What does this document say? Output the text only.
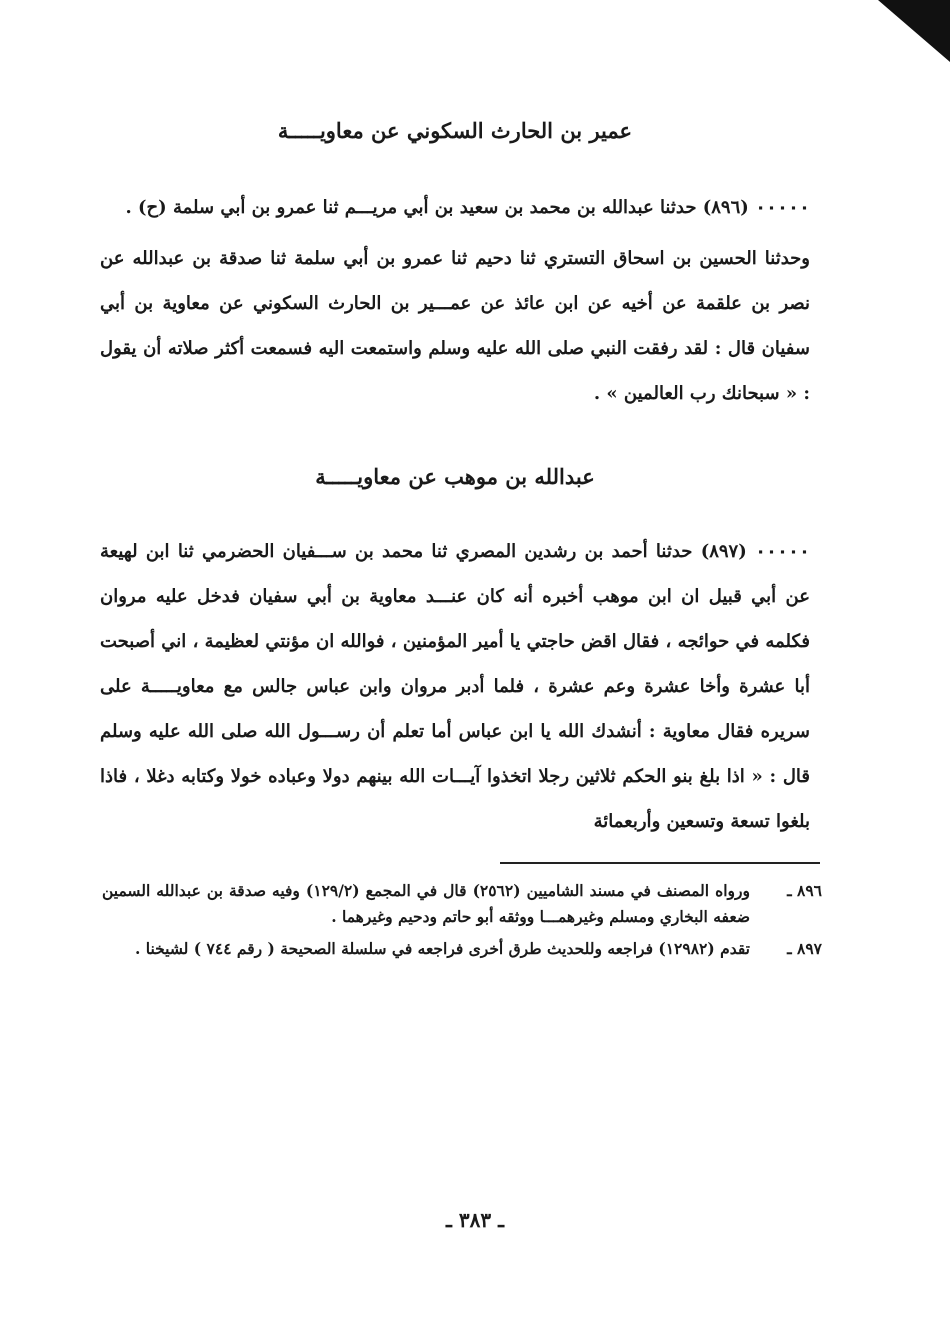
عمير بن الحارث السكوني عن معاويـــــة

٠٠٠٠٠ (٨٩٦) حدثنا عبدالله بن محمد بن سعيد بن أبي مريـــم ثنا عمرو بن أبي سلمة (ح) .

وحدثنا الحسين بن اسحاق التستري ثنا دحيم ثنا عمرو بن أبي سلمة ثنا صدقة بن عبدالله عن نصر بن علقمة عن أخيه عن ابن عائذ عن عمـــير بن الحارث السكوني عن معاوية بن أبي سفيان قال : لقد رفقت النبي صلى الله عليه وسلم واستمعت اليه فسمعت أكثر صلاته أن يقول : « سبحانك رب العالمين » .

عبدالله بن موهب عن معاويـــــة

٠٠٠٠٠ (٨٩٧) حدثنا أحمد بن رشدين المصري ثنا محمد بن ســـفيان الحضرمي ثنا ابن لهيعة عن أبي قبيل ان ابن موهب أخبره أنه كان عنـــد معاوية بن أبي سفيان فدخل عليه مروان فكلمه في حوائجه ، فقال اقض حاجتي يا أمير المؤمنين ، فوالله ان مؤنتي لعظيمة ، اني أصبحت أبا عشرة وأخا عشرة وعم عشرة ، فلما أدبر مروان وابن عباس جالس مع معاويـــــة على سريره فقال معاوية : أنشدك الله يا ابن عباس أما تعلم أن رســـول الله صلى الله عليه وسلم قال : « اذا بلغ بنو الحكم ثلاثين رجلا اتخذوا آيـــات الله بينهم دولا وعباده خولا وكتابه دغلا ، فاذا بلغوا تسعة وتسعين وأربعمائة

٨٩٦ ـ
ورواه المصنف في مسند الشاميين (٢٥٦٢) قال في المجمع (١٢٩/٢) وفيه صدقة بن عبدالله السمين ضعفه البخاري ومسلم وغيرهمـــا ووثقه أبو حاتم ودحيم وغيرهما .
٨٩٧ ـ
تقدم (١٢٩٨٢) فراجعه وللحديث طرق أخرى فراجعه في سلسلة الصحيحة ( رقم ٧٤٤ ) لشيخنا .
ـ ٣٨٣ ـ
